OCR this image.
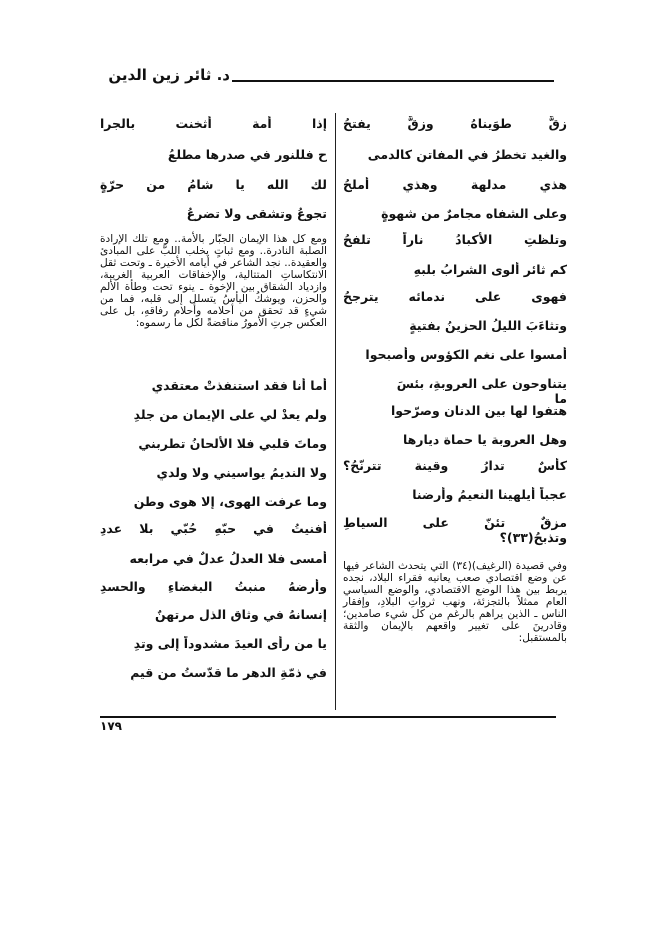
د. ثائر زين الدين
زقٌّ طوَيناهُ وزقٌّ يفتحُ
والغيد تخطرُ في المفاتنِ كالدمى
هذي مدلهة وهذي أملحُ
وعلى الشفاه مجامرٌ من شهوةٍ
وتلظتِ الأكبادُ ناراً تلفحُ
كم ثائر ألوى الشرابُ بلبهِ
فهوى على ندمائه يترجحُ
وتثاءَبَ الليلُ الحزينُ بفتيةٍ
أمسوا على نغم الكؤوس وأصبحوا
يتناوحون على العروبةِ، بئسَ
ما
هتفوا لها بين الدنان وصرّحوا
وهل العروبة يا حماة ديارها
كأسٌ تدارُ وقينة تترنّحُ؟
عجباً أيلهينا النعيمُ وأرضنا
مزقٌ تئنّ على السياطِ
وتذبحُ(٣٣)؟
وفي قصيدة (الرغيف)(٣٤) التي يتحدث الشاعر فيها عن وضع اقتصادي صعب يعانيه فقراء البلاد، نجده يربط بين هذا الوضع الاقتصادي، والوضع السياسي العام ممثلاً بالتجزئة، ونهب ثرواتِ البلادِ، وإفقار الناس ـ الذين يراهم بالرغم من كل شيء صامدين؛ وقادرينَ على تغيير واقعهم بالإيمان والثقة بالمستقبل:
إذا أمة أثخنت بالجرا
ح فللنور في صدرها مطلعُ
لك الله يا شامُ من حرّةٍ
تجوعُ وتشقى ولا تضرعُ
أما أنا فقد استنفذتْ معتقدي
ولم يعدْ لي على الإيمان من جلدِ
وماتَ قلبي فلا الألحانُ تطربني
ولا النديمُ يواسيني ولا ولدي
وما عرفت الهوى، إلا هوى وطنٍ
أفنيتُ في حبّهِ حُبّي بلا عددِ
أمسى فلا العدلُ عدلٌ في مرابعه
وأرضهُ منبتُ البغضاءِ والحسدِ
إنسانهُ في وثاق الذل مرتهنٌ
يا من رأى العيدَ مشدوداً إلى وتدِ
في ذمّةِ الدهر ما قدّستُ من قيمِ
ومع كل هذا الإيمان الجبّار بالأمة.. ومع تلك الإرادة الصلبة النادرة.. ومع ثباتٍ يخلب اللبَّ على المبادئ والعقيدة.. نجد الشاعر في أيامه الأخيرة ـ وتحت ثقل الانتكاساتِ المتتالية، والإخفاقات العربية الغريبة، وازدياد الشقاق بين الإخوة ـ ينوء تحت وطأة الألم والحزن، ويوشكُ اليأسُ يتسلل إلى قلبه، فما من شيءٍ قد تحقق من أحلامه وأحلام رفاقهِ، بل على العكس جرتِ الأمورُ مناقضةً لكل ما رسموه:
١٧٩
